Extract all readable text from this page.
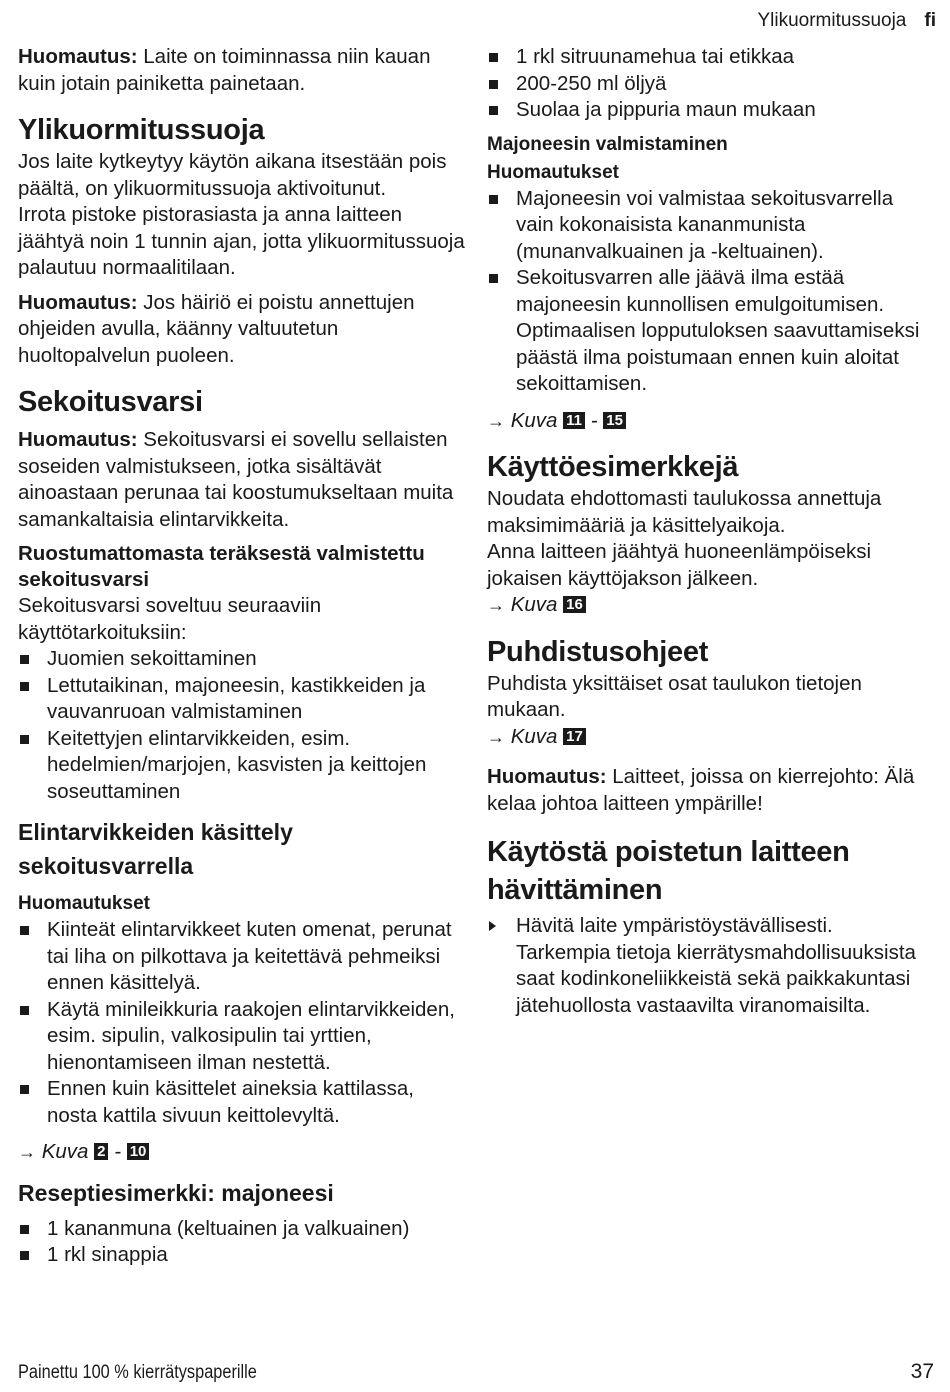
Ylikuormitussuoja fi

Huomautus: Laite on toiminnassa niin kauan kuin jotain painiketta painetaan.

Ylikuormitussuoja

Jos laite kytkeytyy käytön aikana itsestään pois päältä, on ylikuormitussuoja aktivoitunut.

Irrota pistoke pistorasiasta ja anna laitteen jäähtyä noin 1 tunnin ajan, jotta ylikuormitussuoja palautuu normaalitilaan.

Huomautus: Jos häiriö ei poistu annettujen ohjeiden avulla, käänny valtuutetun huoltopalvelun puoleen.

Sekoitusvarsi

Huomautus: Sekoitusvarsi ei sovellu sellaisten soseiden valmistukseen, jotka sisältävät ainoastaan perunaa tai koostumukseltaan muita samankaltaisia elintarvikkeita.

Ruostumattomasta teräksestä valmistettu sekoitusvarsi

Sekoitusvarsi soveltuu seuraaviin käyttötarkoituksiin:

Juomien sekoittaminen
Lettutaikinan, majoneesin, kastikkeiden ja vauvanruoan valmistaminen
Keitettyjen elintarvikkeiden, esim. hedelmien/marjojen, kasvisten ja keittojen soseuttaminen
Elintarvikkeiden käsittely sekoitusvarrella
Huomautukset
Kiinteät elintarvikkeet kuten omenat, perunat tai liha on pilkottava ja keitettävä pehmeiksi ennen käsittelyä.
Käytä minileikkuria raakojen elintarvikkeiden, esim. sipulin, valkosipulin tai yrttien, hienontamiseen ilman nestettä.
Ennen kuin käsittelet aineksia kattilassa, nosta kattila sivuun keittolevyltä.

→ Kuva 2 - 10

Reseptiesimerkki: majoneesi
1 kananmuna (keltuainen ja valkuainen)
1 rkl sinappia
1 rkl sitruunamehua tai etikkaa
200-250 ml öljyä
Suolaa ja pippuria maun mukaan
Majoneesin valmistaminen
Huomautukset
Majoneesin voi valmistaa sekoitusvarrella vain kokonaisista kananmunista (munanvalkuainen ja -keltuainen).
Sekoitusvarren alle jäävä ilma estää majoneesin kunnollisen emulgoitumisen. Optimaalisen lopputuloksen saavuttamiseksi päästä ilma poistumaan ennen kuin aloitat sekoittamisen.

→ Kuva 11 - 15

Käyttöesimerkkejä

Noudata ehdottomasti taulukossa annettuja maksimimääriä ja käsittelyaikoja.

Anna laitteen jäähtyä huoneenlämpöiseksi jokaisen käyttöjakson jälkeen.

→ Kuva 16

Puhdistusohjeet

Puhdista yksittäiset osat taulukon tietojen mukaan.

→ Kuva 17

Huomautus: Laitteet, joissa on kierrejohto: Älä kelaa johtoa laitteen ympärille!

Käytöstä poistetun laitteen hävittäminen
Hävitä laite ympäristöystävällisesti.

Tarkempia tietoja kierrätysmahdollisuuksista saat kodinkoneliikkeistä sekä paikkakuntasi jätehuollosta vastaavilta viranomaisilta.

Painettu 100 % kierrätyspaperille	37
